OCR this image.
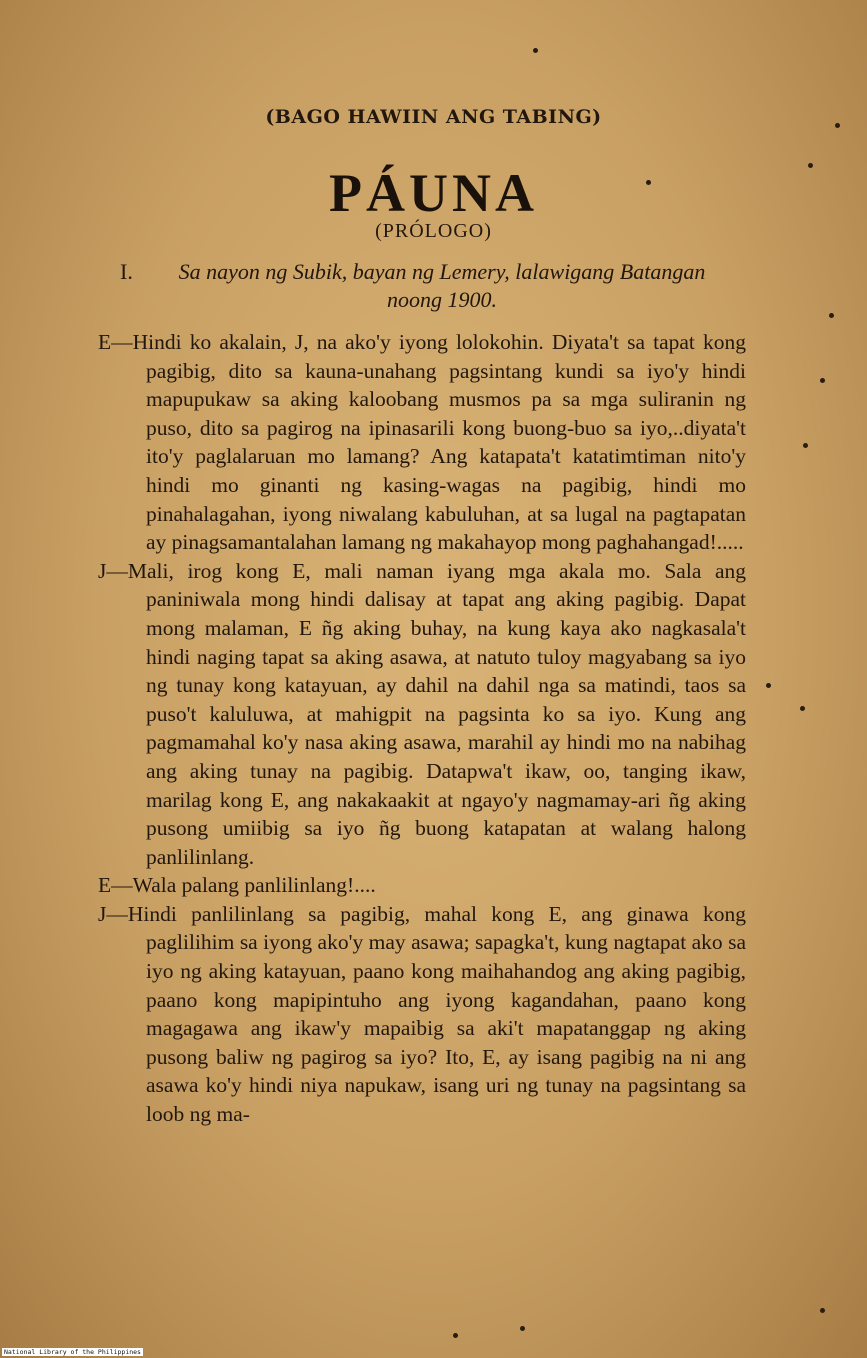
(BAGO HAWIIN ANG TABING)
PÁUNA
(PRÓLOGO)
I.	Sa nayon ng Subik, bayan ng Lemery, lalawigang Batangan noong 1900.

E—Hindi ko akalain, J, na ako'y iyong lolokohin. Diyata't sa tapat kong pagibig, dito sa kauna-unahang pagsintang kundi sa iyo'y hindi mapupukaw sa aking kaloobang musmos pa sa mga suliranin ng puso, dito sa pagirog na ipinasarili kong buong-buo sa iyo,..diyata't ito'y paglalaruan mo lamang? Ang katapata't katatimtiman nito'y hindi mo ginanti ng kasing-wagas na pagibig, hindi mo pinahalagahan, iyong niwalang kabuluhan, at sa lugal na pagtapatan ay pinagsamantalahan lamang ng makahayop mong paghahangad!.....

J—Mali, irog kong E, mali naman iyang mga akala mo. Sala ang paniniwala mong hindi dalisay at tapat ang aking pagibig. Dapat mong malaman, E ñg aking buhay, na kung kaya ako nagkasala't hindi naging tapat sa aking asawa, at natuto tuloy magyabang sa iyo ng tunay kong katayuan, ay dahil na dahil nga sa matindi, taos sa puso't kaluluwa, at mahigpit na pagsinta ko sa iyo. Kung ang pagmamahal ko'y nasa aking asawa, marahil ay hindi mo na nabihag ang aking tunay na pagibig. Datapwa't ikaw, oo, tanging ikaw, marilag kong E, ang nakakaakit at ngayo'y nagmamay-ari ñg aking pusong umiibig sa iyo ñg buong katapatan at walang halong panlilinlang.

E—Wala palang panlilinlang!....

J—Hindi panlilinlang sa pagibig, mahal kong E, ang ginawa kong paglilihim sa iyong ako'y may asawa; sapagka't, kung nagtapat ako sa iyo ng aking katayuan, paano kong maihahandog ang aking pagibig, paano kong mapipintuho ang iyong kagandahan, paano kong magagawa ang ikaw'y mapaibig sa aki't mapatanggap ng aking pusong baliw ng pagirog sa iyo? Ito, E, ay isang pagibig na ni ang asawa ko'y hindi niya napukaw, isang uri ng tunay na pagsintang sa loob ng ma-

National Library of the Philippines
